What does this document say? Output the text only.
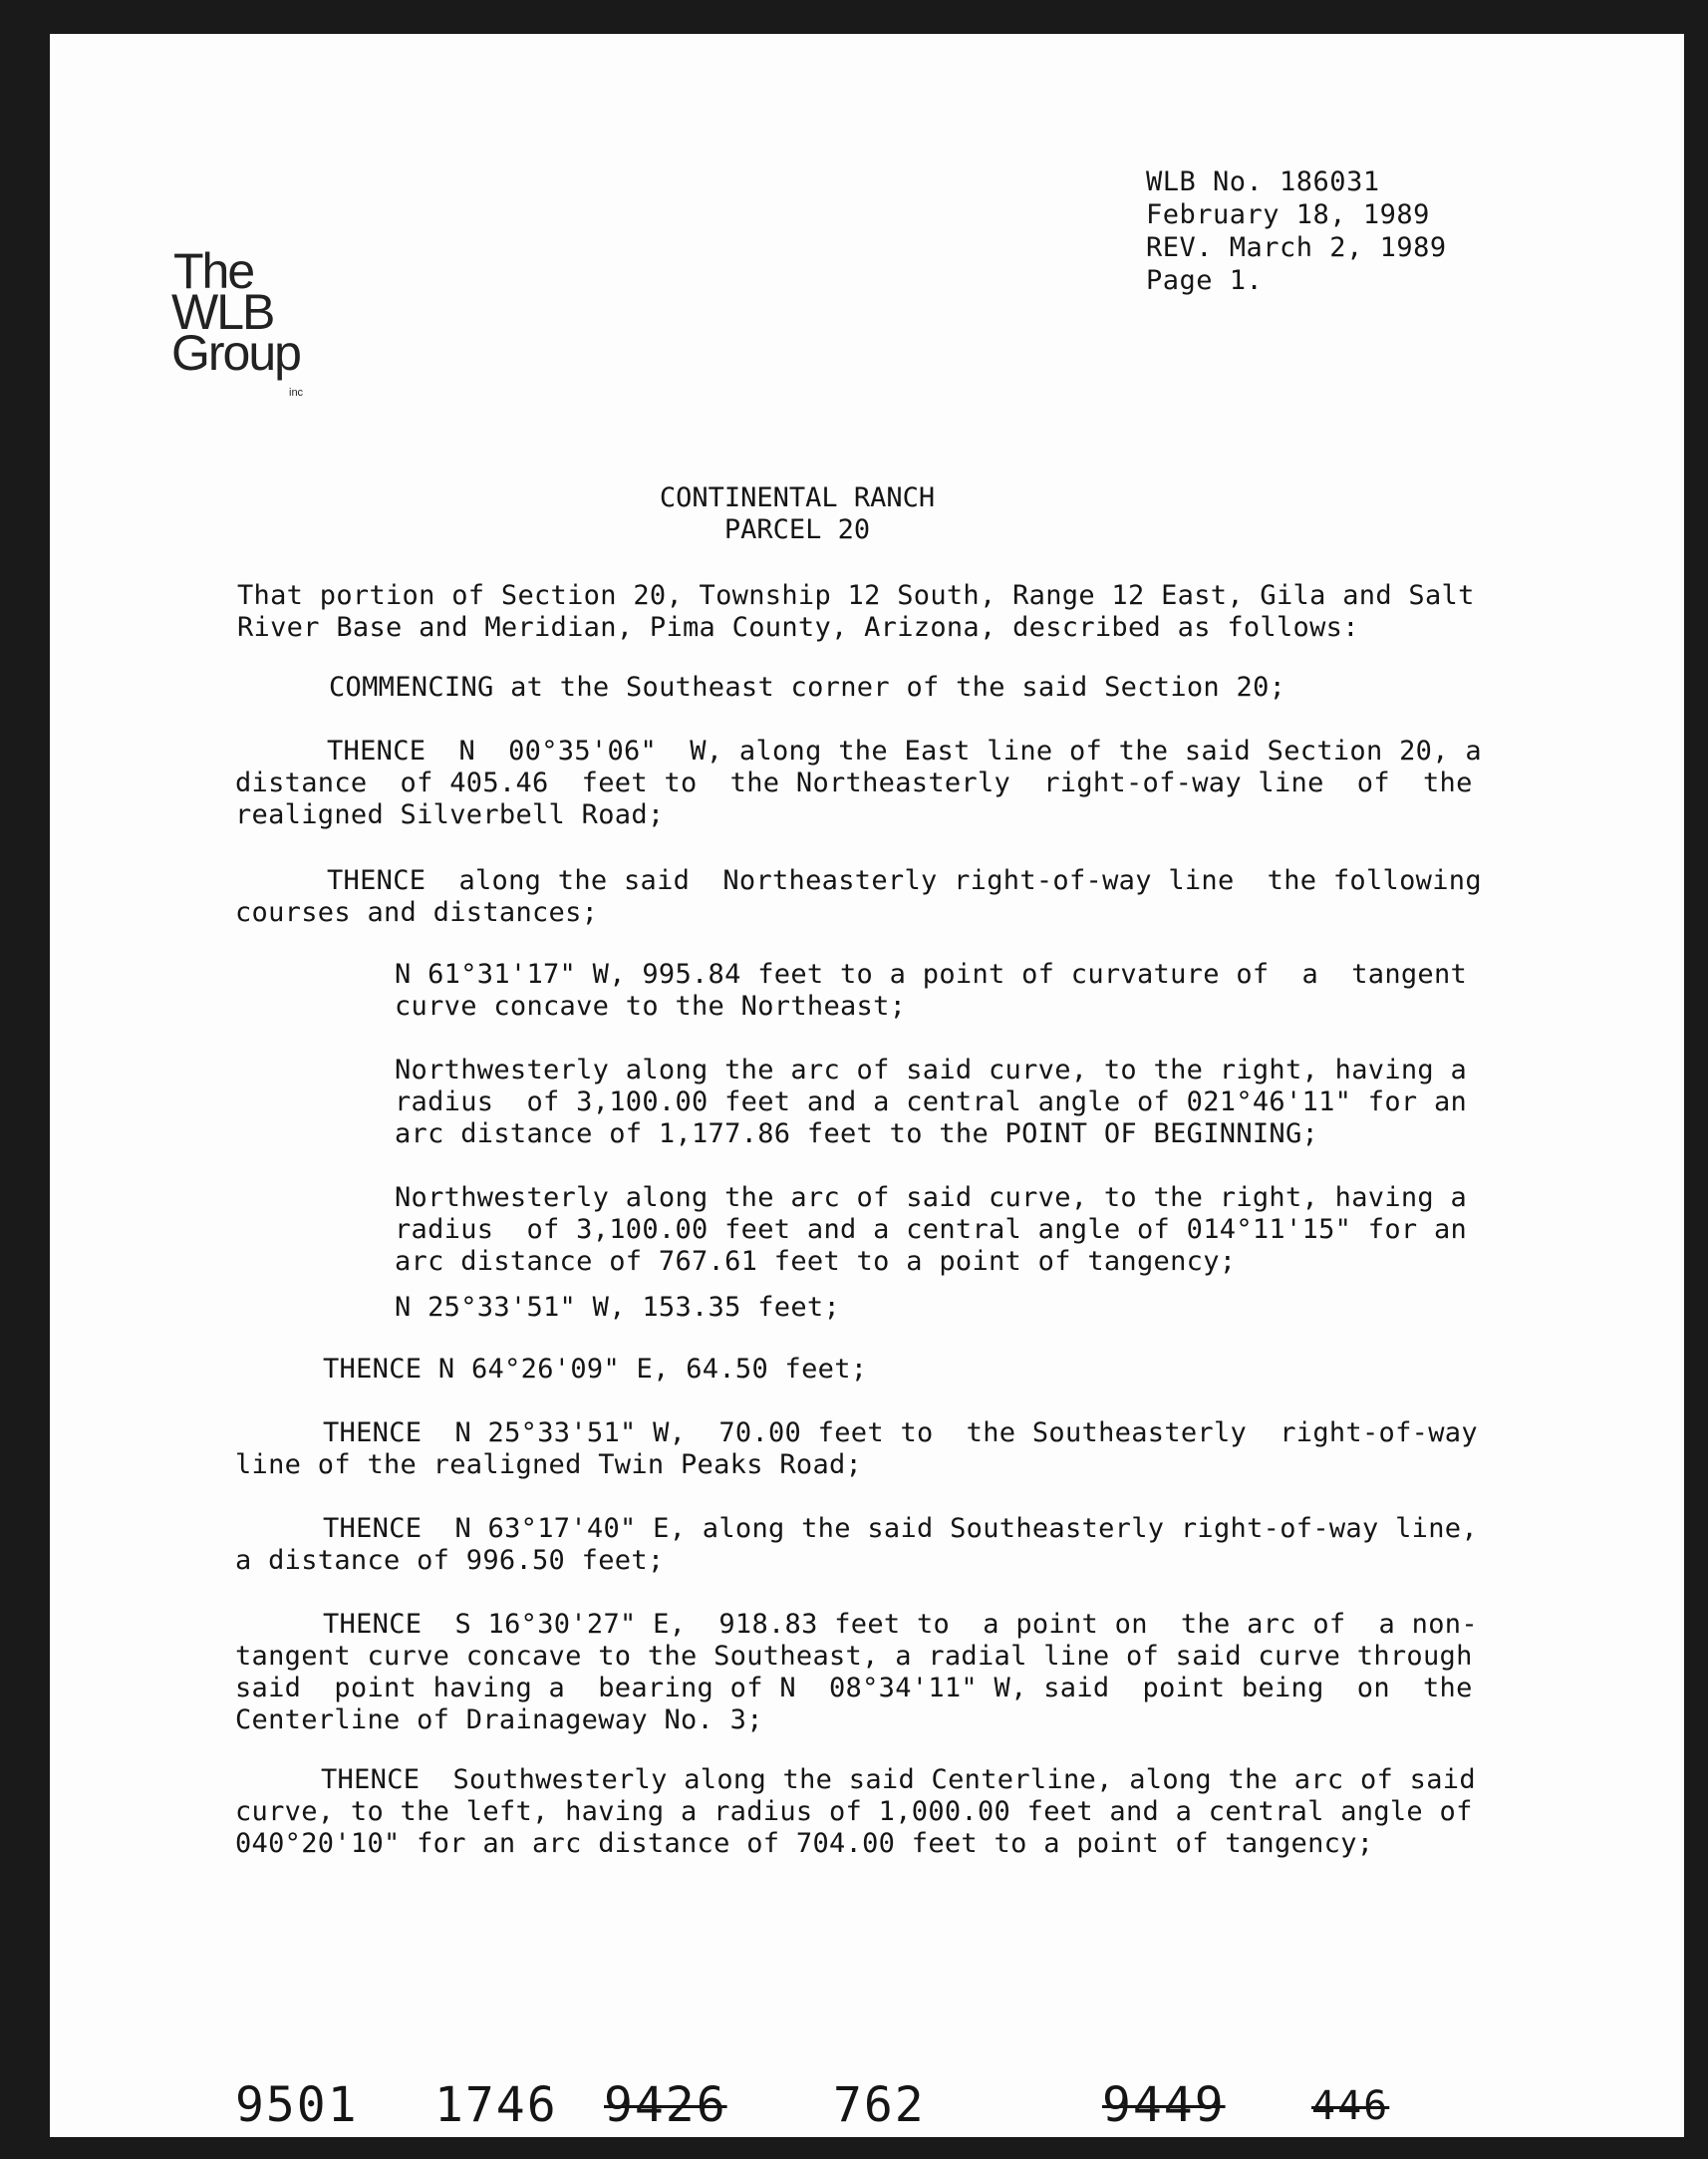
The
WLB
Group
inc
WLB No. 186031
February 18, 1989
REV. March 2, 1989
Page 1.
CONTINENTAL RANCH
PARCEL 20

That portion of Section 20, Township 12 South, Range 12 East, Gila and Salt

River Base and Meridian, Pima County, Arizona, described as follows:

COMMENCING at the Southeast corner of the said Section 20;

THENCE  N  00°35'06"  W, along the East line of the said Section 20, a

distance  of 405.46  feet to  the Northeasterly  right-of-way line  of  the

realigned Silverbell Road;

THENCE  along the said  Northeasterly right-of-way line  the following

courses and distances;

N 61°31'17" W, 995.84 feet to a point of curvature of  a  tangent

curve concave to the Northeast;

Northwesterly along the arc of said curve, to the right, having a

radius  of 3,100.00 feet and a central angle of 021°46'11" for an

arc distance of 1,177.86 feet to the POINT OF BEGINNING;

Northwesterly along the arc of said curve, to the right, having a

radius  of 3,100.00 feet and a central angle of 014°11'15" for an

arc distance of 767.61 feet to a point of tangency;

N 25°33'51" W, 153.35 feet;

THENCE N 64°26'09" E, 64.50 feet;

THENCE  N 25°33'51" W,  70.00 feet to  the Southeasterly  right-of-way

line of the realigned Twin Peaks Road;

THENCE  N 63°17'40" E, along the said Southeasterly right-of-way line,

a distance of 996.50 feet;

THENCE  S 16°30'27" E,  918.83 feet to  a point on  the arc of  a non-

tangent curve concave to the Southeast, a radial line of said curve through

said  point having a  bearing of N  08°34'11" W, said  point being  on  the

Centerline of Drainageway No. 3;

THENCE  Southwesterly along the said Centerline, along the arc of said

curve, to the left, having a radius of 1,000.00 feet and a central angle of

040°20'10" for an arc distance of 704.00 feet to a point of tangency;

9501 1746 9426 762	9449 446
